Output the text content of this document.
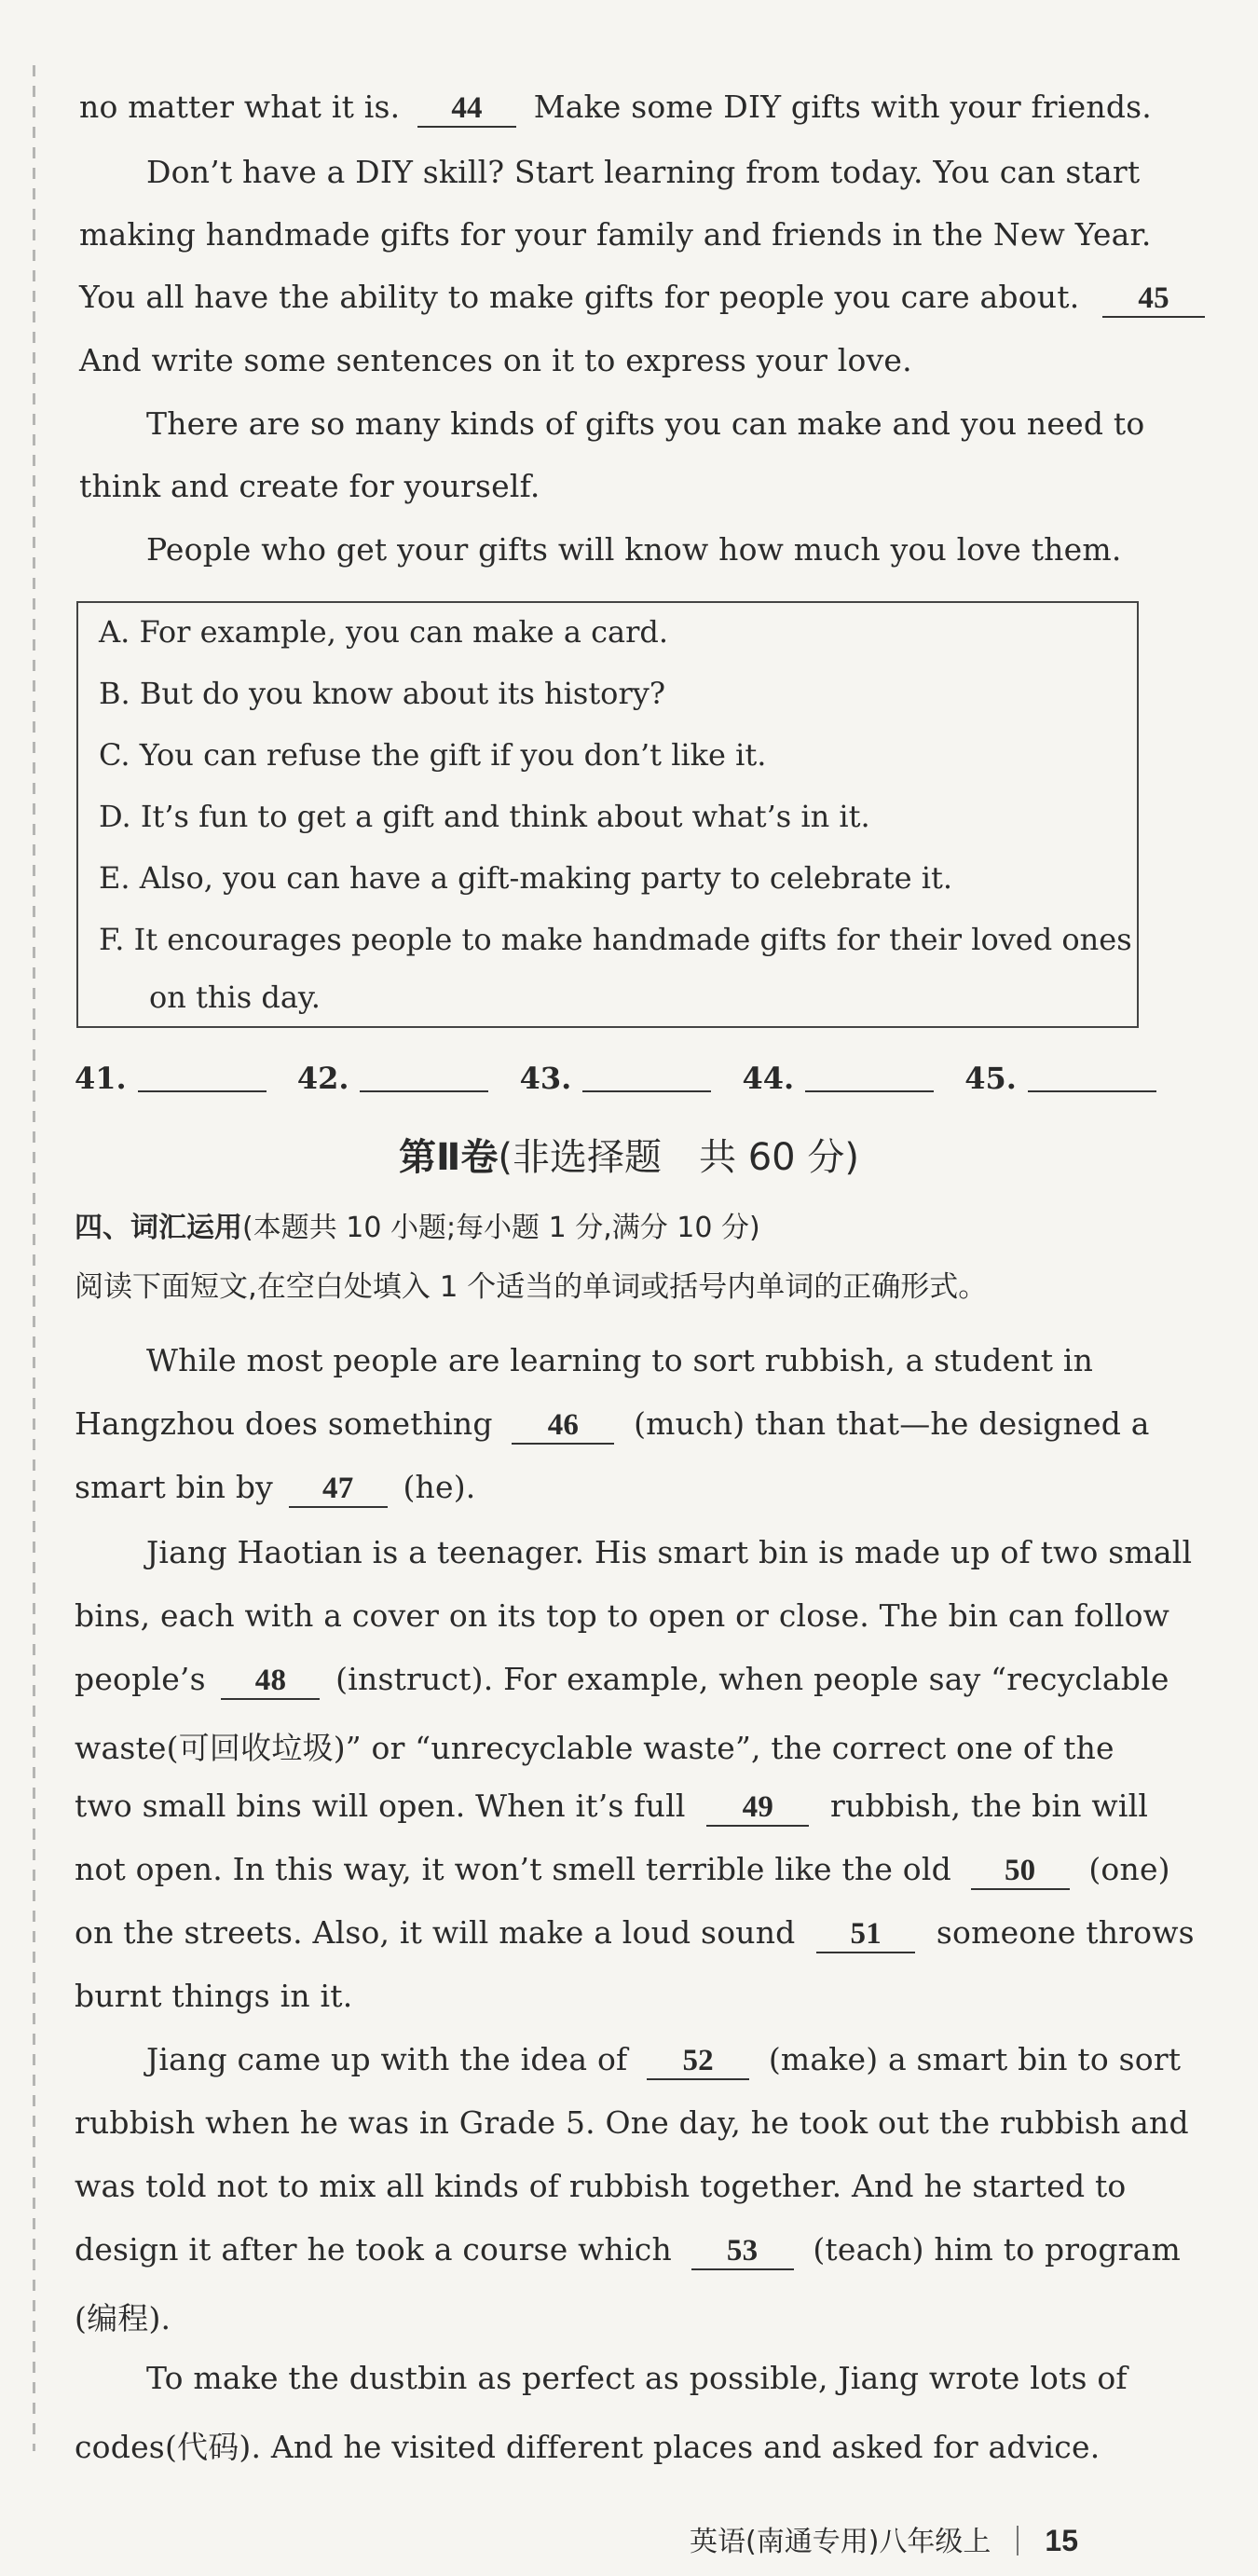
no matter what it is. 44 Make some DIY gifts with your friends.
Don’t have a DIY skill? Start learning from today. You can start
making handmade gifts for your family and friends in the New Year.
You all have the ability to make gifts for people you care about. 45
And write some sentences on it to express your love.
There are so many kinds of gifts you can make and you need to
think and create for yourself.
People who get your gifts will know how much you love them.
A. For example, you can make a card.
B. But do you know about its history?
C. You can refuse the gift if you don’t like it.
D. It’s fun to get a gift and think about what’s in it.
E. Also, you can have a gift-making party to celebrate it.
F. It encourages people to make handmade gifts for their loved ones
on this day.
41.	42.	43.	44.	45.
第Ⅱ卷(非选择题　共 60 分)
四、词汇运用(本题共 10 小题;每小题 1 分,满分 10 分)
阅读下面短文,在空白处填入 1 个适当的单词或括号内单词的正确形式。
While most people are learning to sort rubbish, a student in
Hangzhou does something 46 (much) than that—he designed a
smart bin by 47 (he).
Jiang Haotian is a teenager. His smart bin is made up of two small
bins, each with a cover on its top to open or close. The bin can follow
people’s 48 (instruct). For example, when people say “recyclable
waste(可回收垃圾)” or “unrecyclable waste”, the correct one of the
two small bins will open. When it’s full 49 rubbish, the bin will
not open. In this way, it won’t smell terrible like the old 50 (one)
on the streets. Also, it will make a loud sound 51 someone throws
burnt things in it.
Jiang came up with the idea of 52 (make) a smart bin to sort
rubbish when he was in Grade 5. One day, he took out the rubbish and
was told not to mix all kinds of rubbish together. And he started to
design it after he took a course which 53 (teach) him to program
(编程).
To make the dustbin as perfect as possible, Jiang wrote lots of
codes(代码). And he visited different places and asked for advice.
英语(南通专用)八年级上 15
